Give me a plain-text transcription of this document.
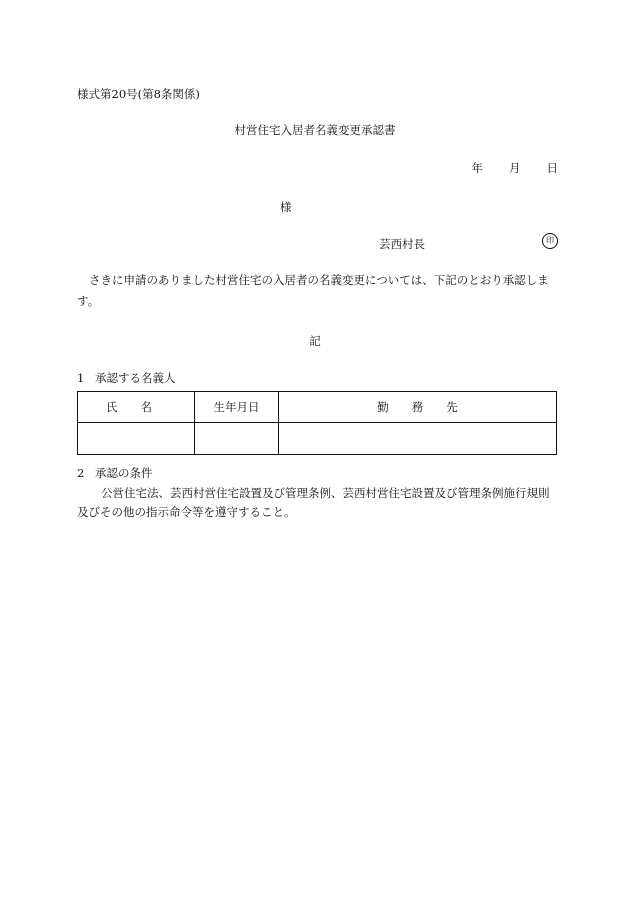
様式第20号(第8条関係)
村営住宅入居者名義変更承認書
年 月 日
様
芸西村長	印
さきに申請のありました村営住宅の入居者の名義変更については、下記のとおり承認します。
記
1 承認する名義人
氏　　名	生年月日	勤　　務　　先

2 承認の条件
公営住宅法、芸西村営住宅設置及び管理条例、芸西村営住宅設置及び管理条例施行規則及びその他の指示命令等を遵守すること。
